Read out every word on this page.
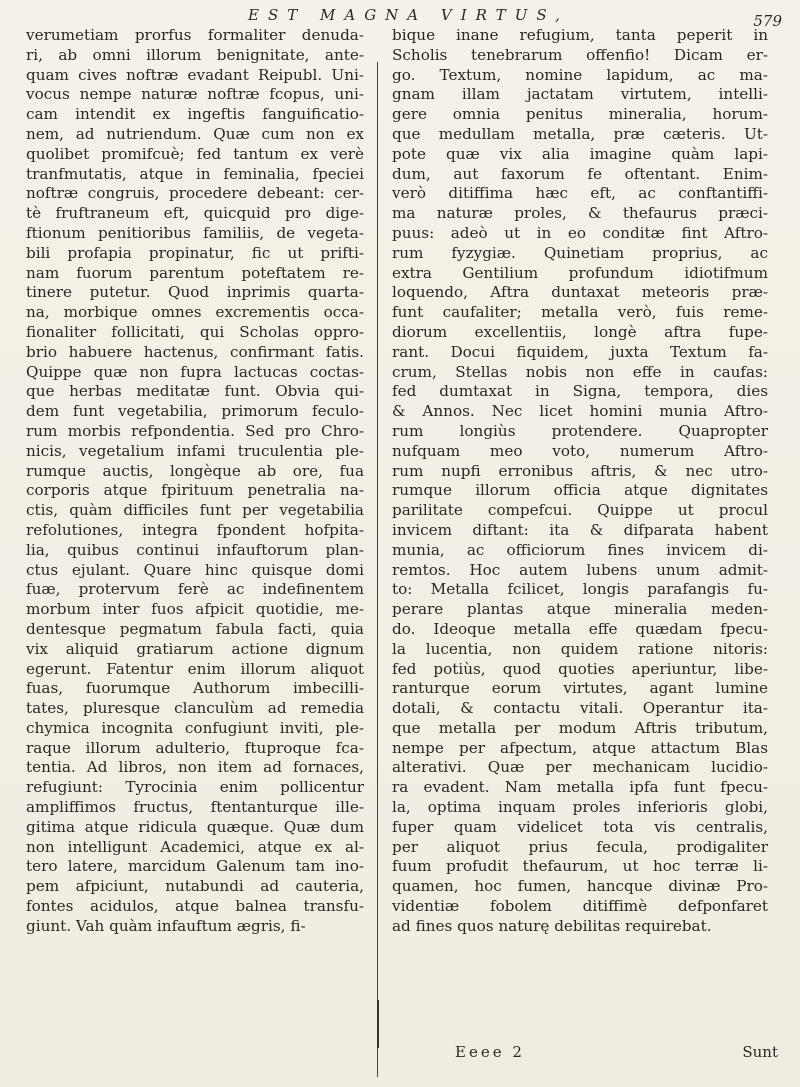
EST MAGNA VIRTUS,	579
verumetiam prorfus formaliter denuda-
ri, ab omni illorum benignitate, ante-
quam cives noftræ evadant Reipubl. Uni-
vocus nempe naturæ noftræ fcopus, uni-
cam intendit ex ingeftis fanguificatio-
nem, ad nutriendum. Quæ cum non ex
quolibet promifcuè; fed tantum ex verè
tranfmutatis, atque in feminalia, fpeciei
noftræ congruis, procedere debeant: cer-
tè fruftraneum eft, quicquid pro dige-
ftionum penitioribus familiis, de vegeta-
bili profapia propinatur, fic ut prifti-
nam fuorum parentum poteftatem re-
tinere putetur. Quod inprimis quarta-
na, morbique omnes excrementis occa-
fionaliter follicitati, qui Scholas oppro-
brio habuere hactenus, confirmant fatis.
Quippe quæ non fupra lactucas coctas-
que herbas meditatæ funt. Obvia qui-
dem funt vegetabilia, primorum feculo-
rum morbis refpondentia. Sed pro Chro-
nicis, vegetalium infami truculentia ple-
rumque auctis, longèque ab ore, fua
corporis atque fpirituum penetralia na-
ctis, quàm difficiles funt per vegetabilia
refolutiones, integra fpondent hofpita-
lia, quibus continui infauftorum plan-
ctus ejulant. Quare hinc quisque domi
fuæ, protervum ferè ac indefinentem
morbum inter fuos afpicit quotidie, me-
dentesque pegmatum fabula facti, quia
vix aliquid gratiarum actione dignum
egerunt. Fatentur enim illorum aliquot
fuas, fuorumque Authorum imbecilli-
tates, pluresque clanculùm ad remedia
chymica incognita confugiunt inviti, ple-
raque illorum adulterio, ftuproque fca-
tentia. Ad libros, non item ad fornaces,
refugiunt: Tyrocinia enim pollicentur
ampliffimos fructus, ftentanturque ille-
gitima atque ridicula quæque. Quæ dum
non intelligunt Academici, atque ex al-
tero latere, marcidum Galenum tam ino-
pem afpiciunt, nutabundi ad cauteria,
fontes acidulos, atque balnea transfu-
giunt. Vah quàm infauftum ægris, fi-
bique inane refugium, tanta peperit in
Scholis tenebrarum offenfio! Dicam er-
go. Textum, nomine lapidum, ac ma-
gnam illam jactatam virtutem, intelli-
gere omnia penitus mineralia, horum-
que medullam metalla, præ cæteris. Ut-
pote quæ vix alia imagine quàm lapi-
dum, aut faxorum fe oftentant. Enim-
verò ditiffima hæc eft, ac conftantiffi-
ma naturæ proles, & thefaurus præci-
puus: adeò ut in eo conditæ fint Aftro-
rum fyzygiæ. Quinetiam proprius, ac
extra Gentilium profundum idiotifmum
loquendo, Aftra duntaxat meteoris præ-
funt caufaliter; metalla verò, fuis reme-
diorum excellentiis, longè aftra fupe-
rant. Docui fiquidem, juxta Textum fa-
crum, Stellas nobis non effe in caufas:
fed dumtaxat in Signa, tempora, dies
& Annos. Nec licet homini munia Aftro-
rum longiùs protendere. Quapropter
nufquam meo voto, numerum Aftro-
rum nupfi erronibus aftris, & nec utro-
rumque illorum officia atque dignitates
parilitate compefcui. Quippe ut procul
invicem diftant: ita & difparata habent
munia, ac officiorum fines invicem di-
remtos. Hoc autem lubens unum admit-
to: Metalla fcilicet, longis parafangis fu-
perare plantas atque mineralia meden-
do. Ideoque metalla effe quædam fpecu-
la lucentia, non quidem ratione nitoris:
fed potiùs, quod quoties aperiuntur, libe-
ranturque eorum virtutes, agant lumine
dotali, & contactu vitali. Operantur ita-
que metalla per modum Aftris tributum,
nempe per afpectum, atque attactum Blas
alterativi. Quæ per mechanicam lucidio-
ra evadent. Nam metalla ipfa funt fpecu-
la, optima inquam proles inferioris globi,
fuper quam videlicet tota vis centralis,
per aliquot prius fecula, prodigaliter
fuum profudit thefaurum, ut hoc terræ li-
quamen, hoc fumen, hancque divinæ Pro-
videntiæ fobolem ditiffimè defponfaret
ad fines quos naturę debilitas requirebat.
Eeee 2	Sunt
